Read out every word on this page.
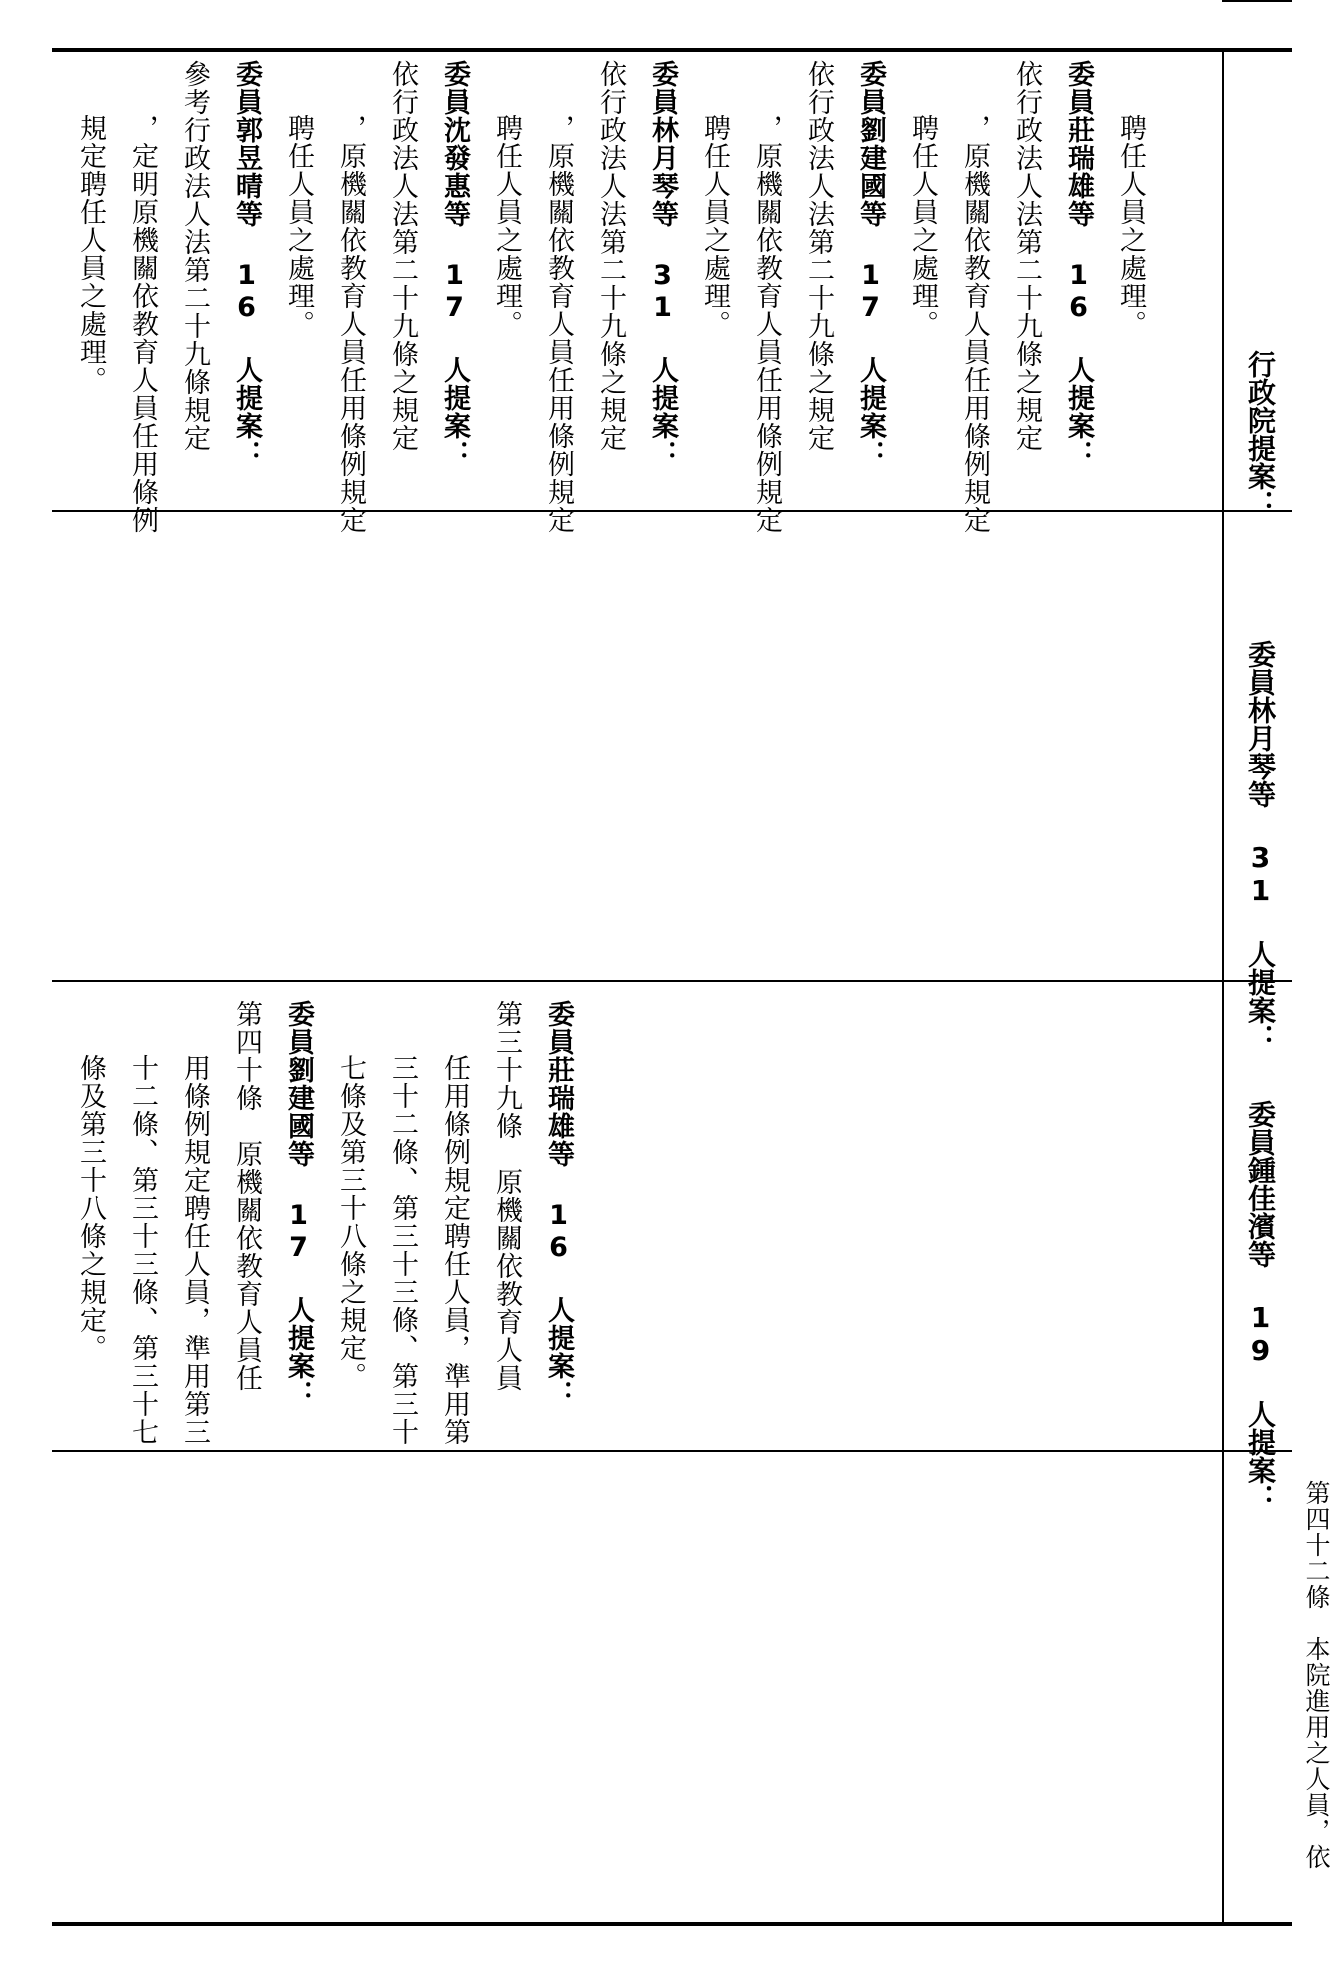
行政院提案：
委員林月琴等 31 人提案：
委員鍾佳濱等 19 人提案：

第四十二條　本院進用之人員，依

聘任人員之處理。
委員莊瑞雄等 16 人提案：
依行政法人法第二十九條之規定
，原機關依教育人員任用條例規定
聘任人員之處理。
委員劉建國等 17 人提案：
依行政法人法第二十九條之規定
，原機關依教育人員任用條例規定
聘任人員之處理。
委員林月琴等 31 人提案：
依行政法人法第二十九條之規定
，原機關依教育人員任用條例規定
聘任人員之處理。
委員沈發惠等 17 人提案：
依行政法人法第二十九條之規定
，原機關依教育人員任用條例規定
聘任人員之處理。
委員郭昱晴等 16 人提案：
參考行政法人法第二十九條規定
，定明原機關依教育人員任用條例
規定聘任人員之處理。
委員莊瑞雄等 16 人提案：
第三十九條　原機關依教育人員
任用條例規定聘任人員，準用第
三十二條、第三十三條、第三十
七條及第三十八條之規定。
委員劉建國等 17 人提案：
第四十條　原機關依教育人員任
用條例規定聘任人員，準用第三
十二條、第三十三條、第三十七
條及第三十八條之規定。
